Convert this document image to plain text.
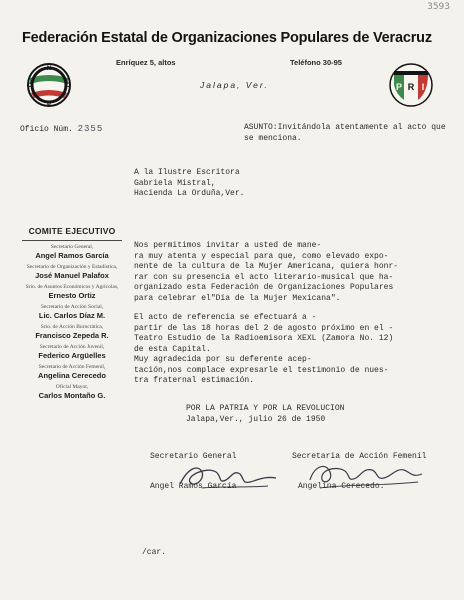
3593
Federación Estatal de Organizaciones Populares de Veracruz
Enríquez 5, altos	Teléfono 30-95
Jalapa, Ver.
N
C	O
P
P R I
Oficio Núm. 2355	ASUNTO:Invitándola atentamente al acto que se menciona.
A la Ilustre Escritora
Gabriela Mistral,
Hacienda La Orduña,Ver.
COMITE EJECUTIVO
Secretario General,
Angel Ramos García
Secretario de Organización y Estadística,
José Manuel Palafox
Srio. de Asuntos Económicos y Agrícolas,
Ernesto Ortiz
Secretario de Acción Social,
Lic. Carlos Díaz M.
Srio. de Acción Burocrática,
Francisco Zepeda R.
Secretario de Acción Juvenil,
Federico Argüelles
Secretario de Acción Femenil,
Angelina Cerecedo
Oficial Mayor,
Carlos Montaño G.
Nos permitimos invitar a usted de mane-
ra muy atenta y especial para que, como elevado expo-
nente de la cultura de la Mujer Americana, quiera honr-
rar con su presencia el acto literario-musical que ha-
organizado esta Federación de Organizaciones Populares
para celebrar el"Día de la Mujer Mexicana".
El acto de referencia se efectuará a -
partir de las 18 horas del 2 de agosto próximo en el -
Teatro Estudio de la Radioemisora XEXL (Zamora No. 12)
de esta Capital.
Muy agradecida por su deferente acep-
tación,nos complace expresarle el testimonio de nues-
tra fraternal estimación.
POR LA PATRIA Y POR LA REVOLUCION
Jalapa,Ver., julio 26 de 1950
Secretario General
Angel Ramos García
Secretaria de Acción Femenil
Angelina Cerecedo.
/car.
